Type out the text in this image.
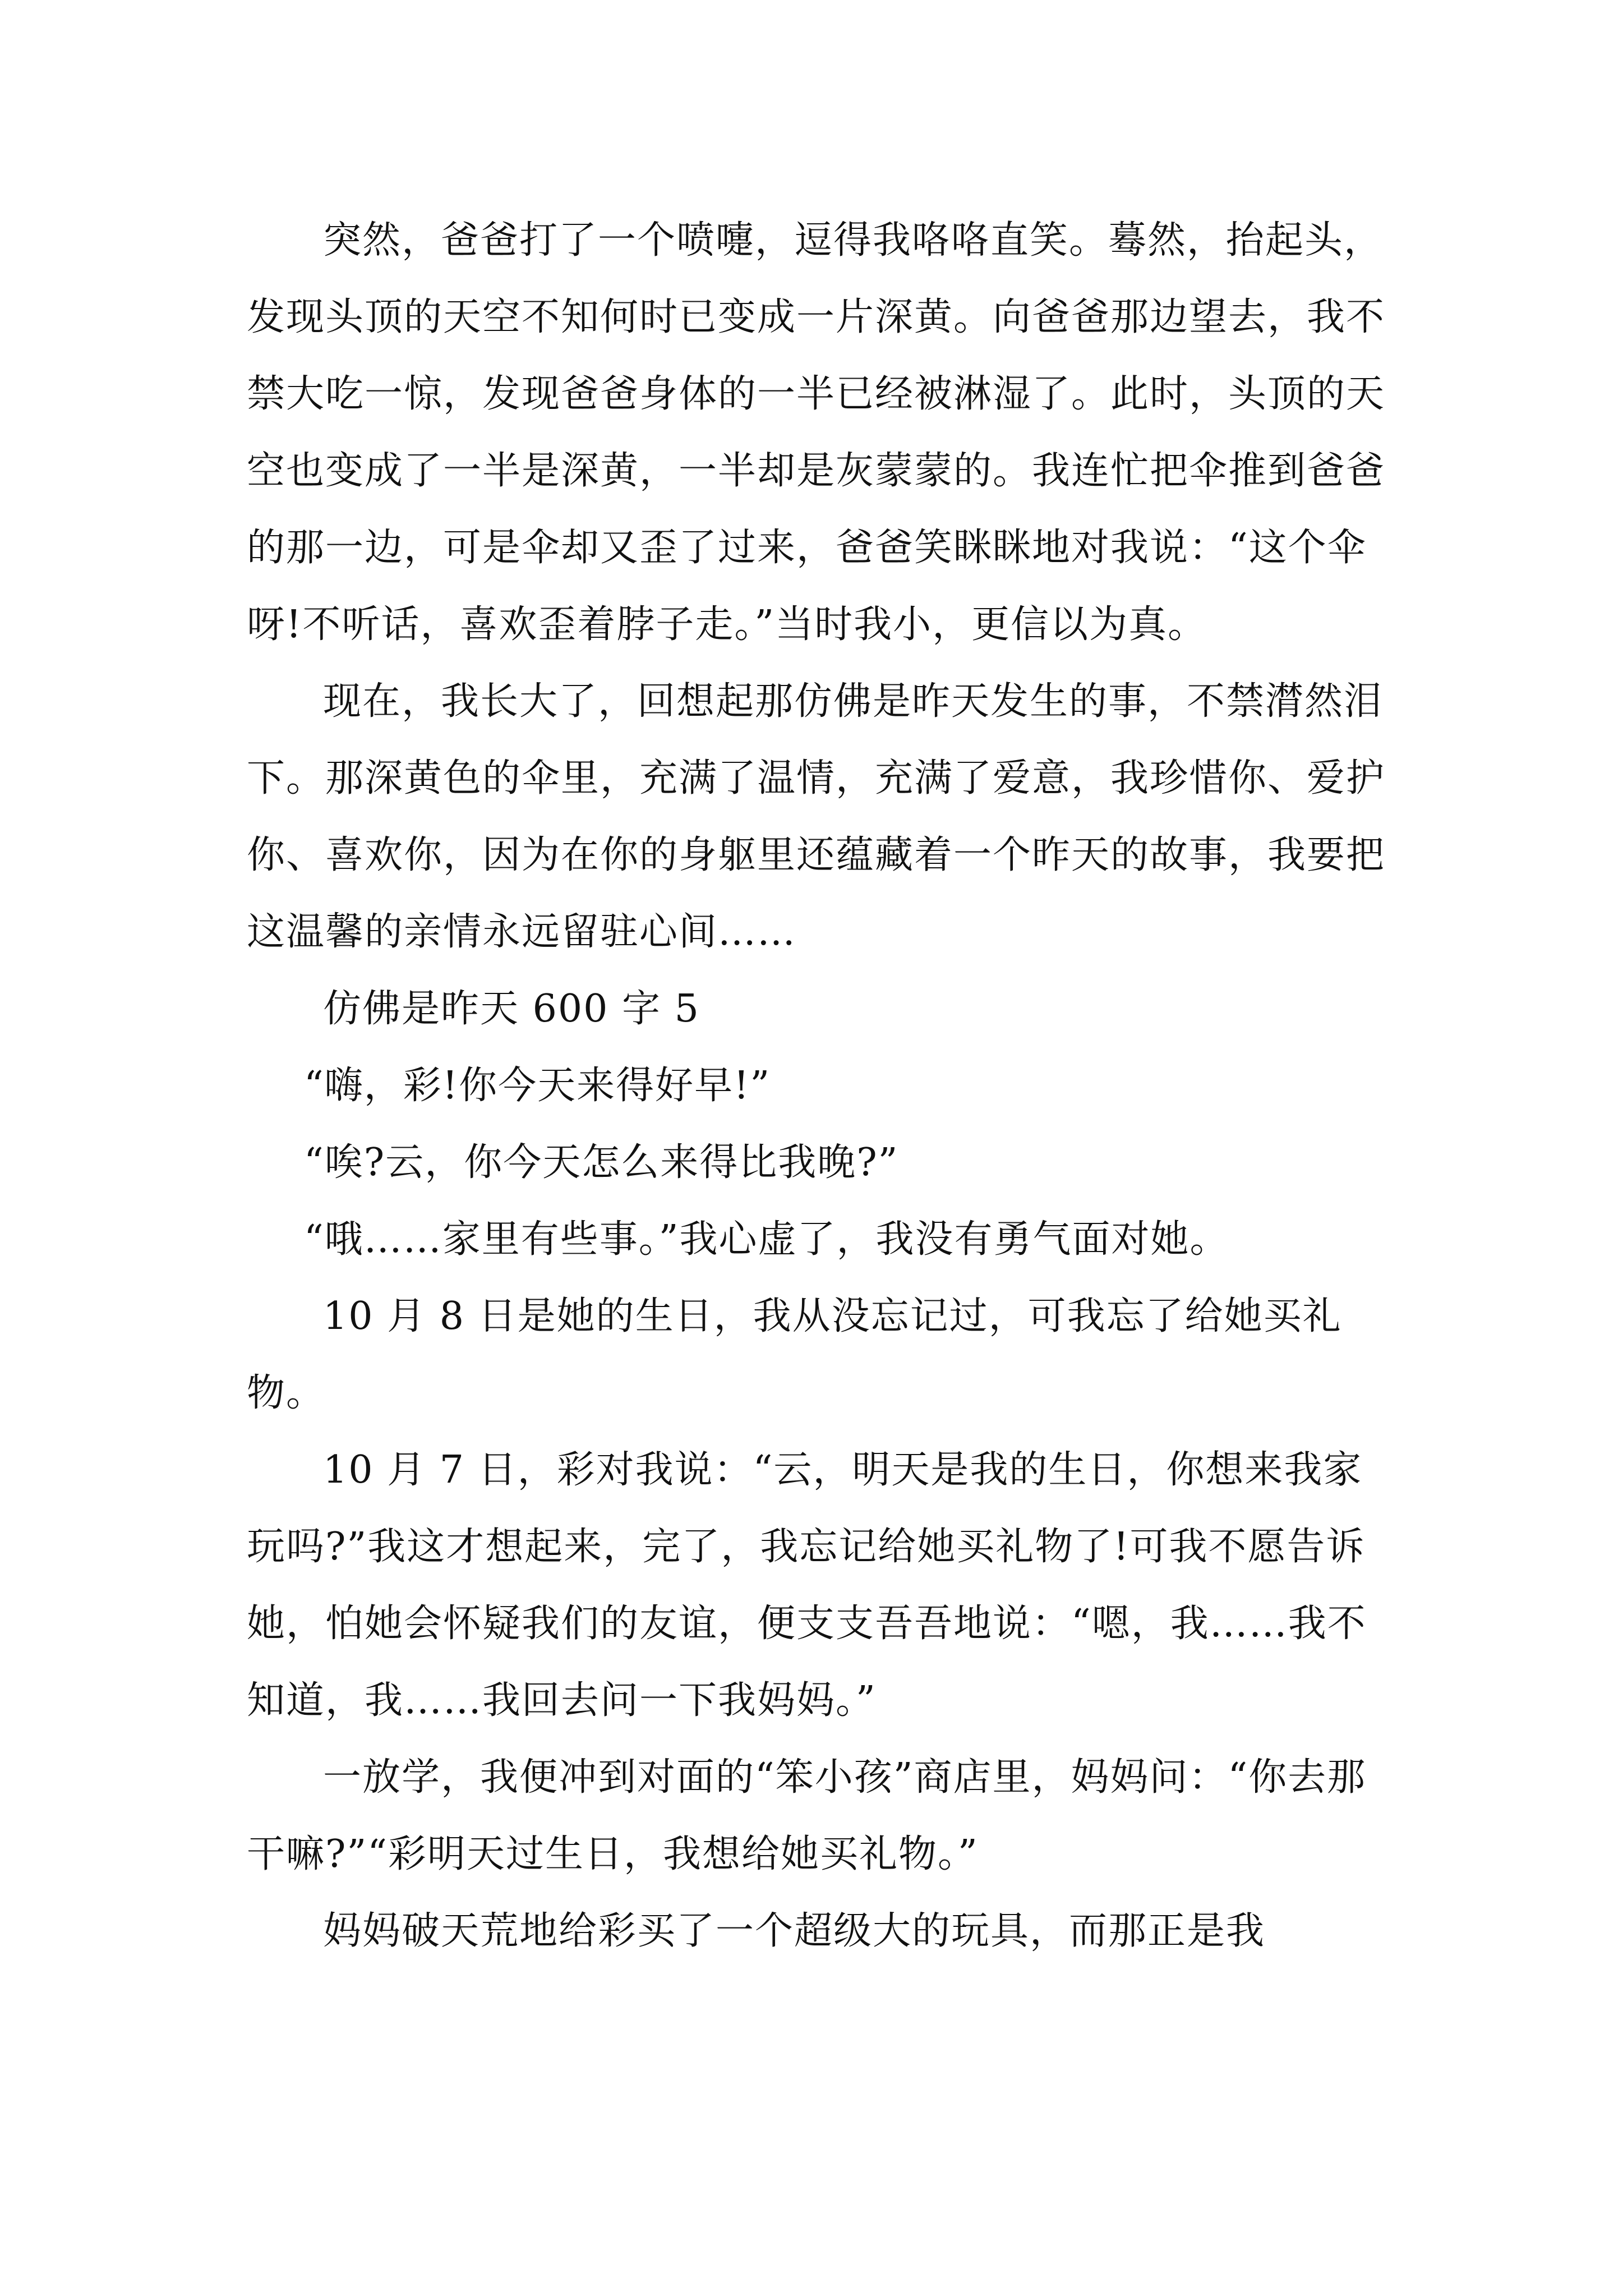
突然，爸爸打了一个喷嚏，逗得我咯咯直笑。蓦然，抬起头，发现头顶的天空不知何时已变成一片深黄。向爸爸那边望去，我不禁大吃一惊，发现爸爸身体的一半已经被淋湿了。此时，头顶的天空也变成了一半是深黄，一半却是灰蒙蒙的。我连忙把伞推到爸爸的那一边，可是伞却又歪了过来，爸爸笑眯眯地对我说：“这个伞呀!不听话，喜欢歪着脖子走。”当时我小，更信以为真。

现在，我长大了，回想起那仿佛是昨天发生的事，不禁潸然泪下。那深黄色的伞里，充满了温情，充满了爱意，我珍惜你、爱护你、喜欢你，因为在你的身躯里还蕴藏着一个昨天的故事，我要把这温馨的亲情永远留驻心间……

仿佛是昨天 600 字 5

“嗨，彩!你今天来得好早!”

“唉?云，你今天怎么来得比我晚?”

“哦……家里有些事。”我心虚了，我没有勇气面对她。

10 月 8 日是她的生日，我从没忘记过，可我忘了给她买礼物。

10 月 7 日，彩对我说：“云，明天是我的生日，你想来我家玩吗?”我这才想起来，完了，我忘记给她买礼物了!可我不愿告诉她，怕她会怀疑我们的友谊，便支支吾吾地说：“嗯，我……我不知道，我……我回去问一下我妈妈。”

一放学，我便冲到对面的“笨小孩”商店里，妈妈问：“你去那干嘛?”“彩明天过生日，我想给她买礼物。”

妈妈破天荒地给彩买了一个超级大的玩具，而那正是我
